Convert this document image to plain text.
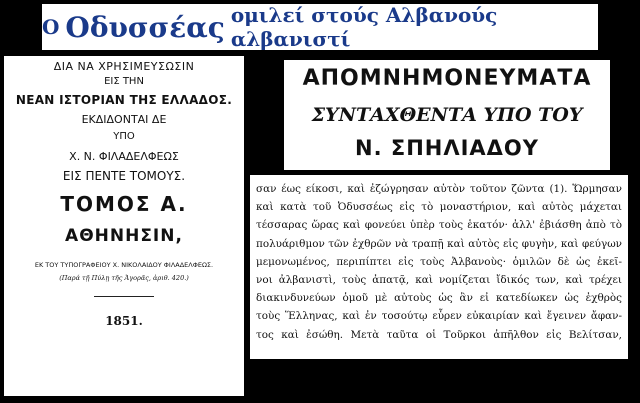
Ο Οδυσσέας ομιλεί στούς Αλβανούς αλβανιστί
ΔΙΑ ΝΑ ΧΡΗΣΙΜΕΥΣΩΣΙΝ
ΕΙΣ ΤΗΝ
ΝΕΑΝ ΙΣΤΟΡΙΑΝ ΤΗΣ ΕΛΛΑΔΟΣ.
ΕΚΔΙΔΟΝΤΑΙ ΔΕ
ΥΠΟ
Χ. Ν. ΦΙΛΑΔΕΛΦΕΩΣ
ΕΙΣ ΠΕΝΤΕ ΤΟΜΟΥΣ.
ΤΟΜΟΣ Α.
ΑΘΗΝΗΣΙΝ,
ΕΚ ΤΟΥ ΤΥΠΟΓΡΑΦΕΙΟΥ Χ. ΝΙΚΟΛΑΙΔΟΥ ΦΙΛΑΔΕΛΦΕΩΣ.
(Παρά τῇ Πύλῃ τῆς Ἀγορᾶς, ἀριθ. 420.)
1851.
ΑΠΟΜΝΗΜΟΝΕΥΜΑΤΑ
ΣΥΝΤΑΧΘΕΝΤΑ ΥΠΟ ΤΟΥ
Ν. ΣΠΗΛΙΑΔΟΥ
σαν έως είκοσι, καὶ ἐζώγρησαν αὐτὸν τοῦτον ζῶντα (1). Ὥρμησαν
καὶ κατὰ τοῦ Ὀδυσσέως εἰς τὸ μοναστήριον, καὶ αὐτὸς μάχεται
τέσσαρας ὥρας καὶ φονεύει ὑπὲρ τοὺς ἑκατόν· ἀλλ' ἐβιάσθη ἀπὸ τὸ
πολυάριθμον τῶν ἐχθρῶν νὰ τραπῇ καὶ αὐτὸς εἰς φυγὴν, καὶ φεύγων
μεμονωμένος, περιπίπτει εἰς τοὺς Ἀλβανοὺς· ὁμιλῶν δὲ ὡς ἐκεῖ-
νοι ἀλβανιστὶ, τοὺς ἀπατᾷ, καὶ νομίζεται ἴδικός των, καὶ τρέχει
διακινδυνεύων ὁμοῦ μὲ αὐτοὺς ὡς ἂν εἰ κατεδίωκεν ὡς ἐχθρὸς
τοὺς Ἕλληνας, καὶ ἐν τοσούτῳ εὗρεν εὐκαιρίαν καὶ ἔγεινεν ἄφαν-
τος καὶ ἐσώθη. Μετὰ ταῦτα οἱ Τοῦρκοι ἀπῆλθον εἰς Βελίτσαν,
